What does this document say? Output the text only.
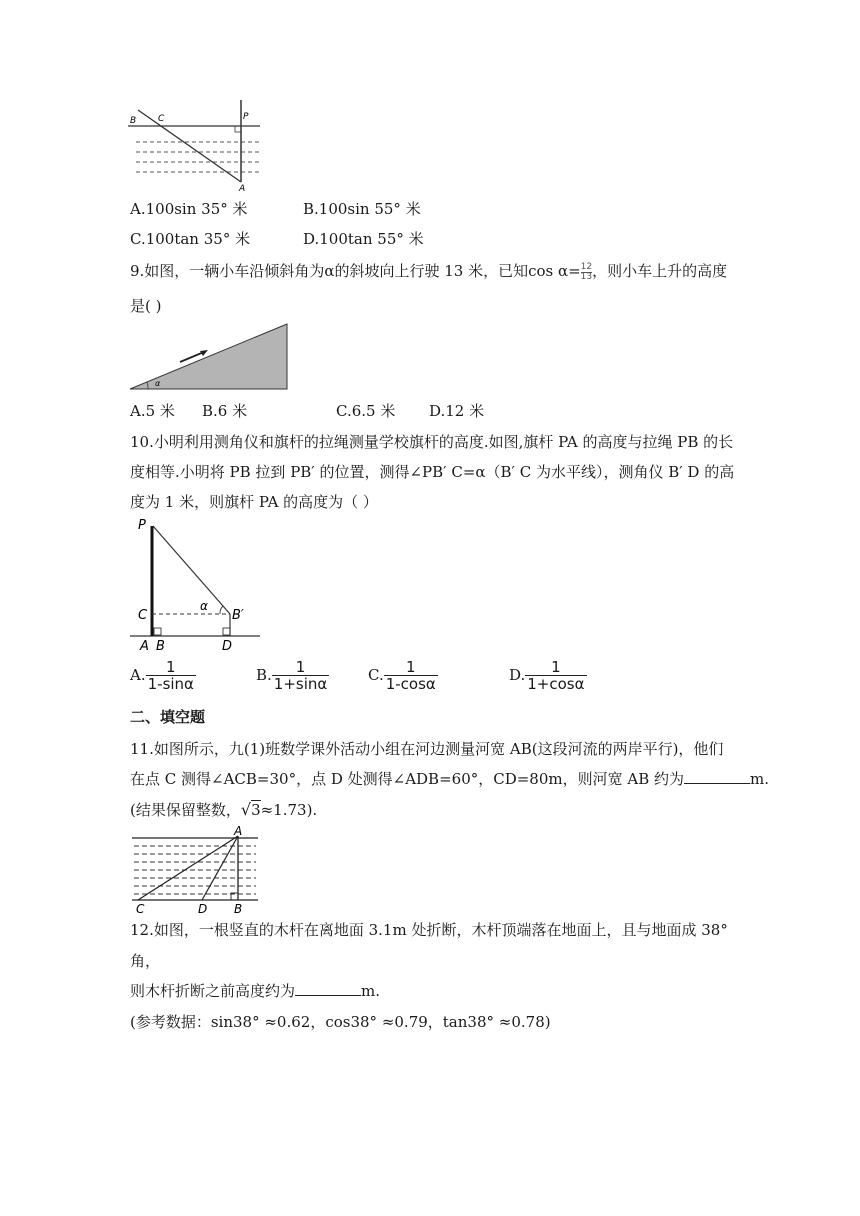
B C	P
A
A.100sin 35° 米	B.100sin 55° 米
C.100tan 35° 米	D.100tan 55° 米
9.如图，一辆小车沿倾斜角为α的斜坡向上行驶 13 米，已知$\cos \alpha= \frac{12}{13}$ ，则小车上升的高度
是( )
α
A.5 米 B.6 米	C.6.5 米 D.12 米
10.小明利用测角仪和旗杆的拉绳测量学校旗杆的高度.如图,旗杆 PA 的高度与拉绳 PB 的长
度相等.小明将 PB 拉到 PB′ 的位置，测得∠PB′ C=α（B′ C 为水平线），测角仪 B′ D 的高
度为 1 米，则旗杆 PA 的高度为（ ）
P
C
α
B′
A B	D
A. $\frac{1}{1-\sin\alpha}$	B. $\frac{1}{1+\sin\alpha}$	C. $\frac{1}{1-\cos\alpha}$	D. $\frac{1}{1+\cos\alpha}$
二、填空题
11.如图所示，九(1)班数学课外活动小组在河边测量河宽 AB(这段河流的两岸平行)，他们
在点 C 测得∠ACB=30°，点 D 处测得∠ADB=60°，CD=80m，则河宽 AB 约为	m.
(结果保留整数，√3≈1.73).
A
C	D B
12.如图，一根竖直的木杆在离地面 3.1m 处折断，木杆顶端落在地面上，且与地面成 38°
角，
则木杆折断之前高度约为	m.
(参考数据：sin38° ≈0.62，cos38° ≈0.79，tan38° ≈0.78)
